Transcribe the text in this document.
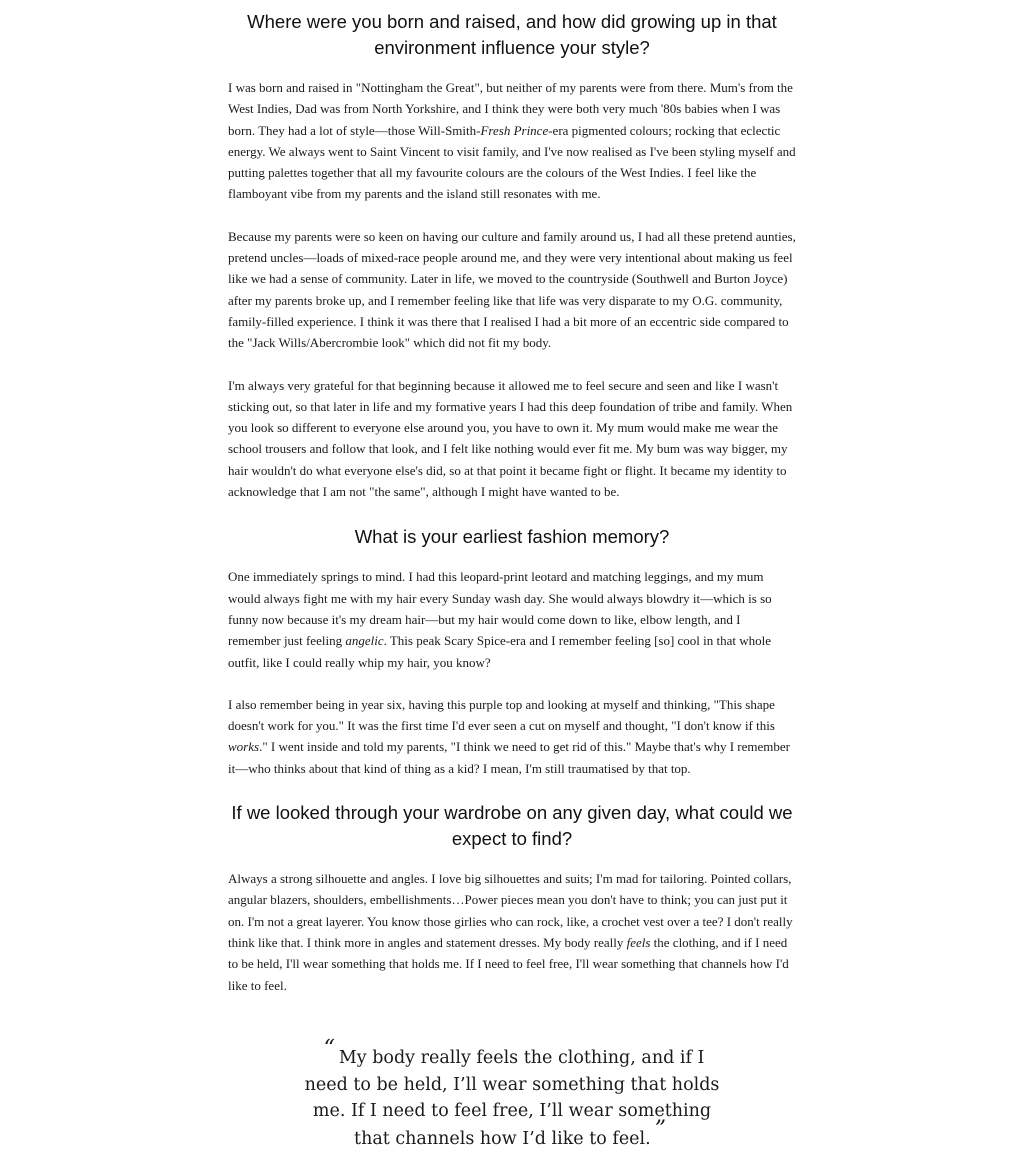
Where were you born and raised, and how did growing up in that environment influence your style?

I was born and raised in "Nottingham the Great", but neither of my parents were from there. Mum's from the West Indies, Dad was from North Yorkshire, and I think they were both very much '80s babies when I was born. They had a lot of style—those Will-Smith-Fresh Prince-era pigmented colours; rocking that eclectic energy. We always went to Saint Vincent to visit family, and I've now realised as I've been styling myself and putting palettes together that all my favourite colours are the colours of the West Indies. I feel like the flamboyant vibe from my parents and the island still resonates with me.

Because my parents were so keen on having our culture and family around us, I had all these pretend aunties, pretend uncles—loads of mixed-race people around me, and they were very intentional about making us feel like we had a sense of community. Later in life, we moved to the countryside (Southwell and Burton Joyce) after my parents broke up, and I remember feeling like that life was very disparate to my O.G. community, family-filled experience. I think it was there that I realised I had a bit more of an eccentric side compared to the "Jack Wills/Abercrombie look" which did not fit my body.

I'm always very grateful for that beginning because it allowed me to feel secure and seen and like I wasn't sticking out, so that later in life and my formative years I had this deep foundation of tribe and family. When you look so different to everyone else around you, you have to own it. My mum would make me wear the school trousers and follow that look, and I felt like nothing would ever fit me. My bum was way bigger, my hair wouldn't do what everyone else's did, so at that point it became fight or flight. It became my identity to acknowledge that I am not "the same", although I might have wanted to be.

What is your earliest fashion memory?

One immediately springs to mind. I had this leopard-print leotard and matching leggings, and my mum would always fight me with my hair every Sunday wash day. She would always blowdry it—which is so funny now because it's my dream hair—but my hair would come down to like, elbow length, and I remember just feeling angelic. This peak Scary Spice-era and I remember feeling [so] cool in that whole outfit, like I could really whip my hair, you know?

I also remember being in year six, having this purple top and looking at myself and thinking, "This shape doesn't work for you." It was the first time I'd ever seen a cut on myself and thought, "I don't know if this works." I went inside and told my parents, "I think we need to get rid of this." Maybe that's why I remember it—who thinks about that kind of thing as a kid? I mean, I'm still traumatised by that top.

If we looked through your wardrobe on any given day, what could we expect to find?

Always a strong silhouette and angles. I love big silhouettes and suits; I'm mad for tailoring. Pointed collars, angular blazers, shoulders, embellishments…Power pieces mean you don't have to think; you can just put it on. I'm not a great layerer. You know those girlies who can rock, like, a crochet vest over a tee? I don't really think like that. I think more in angles and statement dresses. My body really feels the clothing, and if I need to be held, I'll wear something that holds me. If I need to feel free, I'll wear something that channels how I'd like to feel.

“ My body really feels the clothing, and if I need to be held, I’ll wear something that holds me. If I need to feel free, I’ll wear something that channels how I’d like to feel. ”
